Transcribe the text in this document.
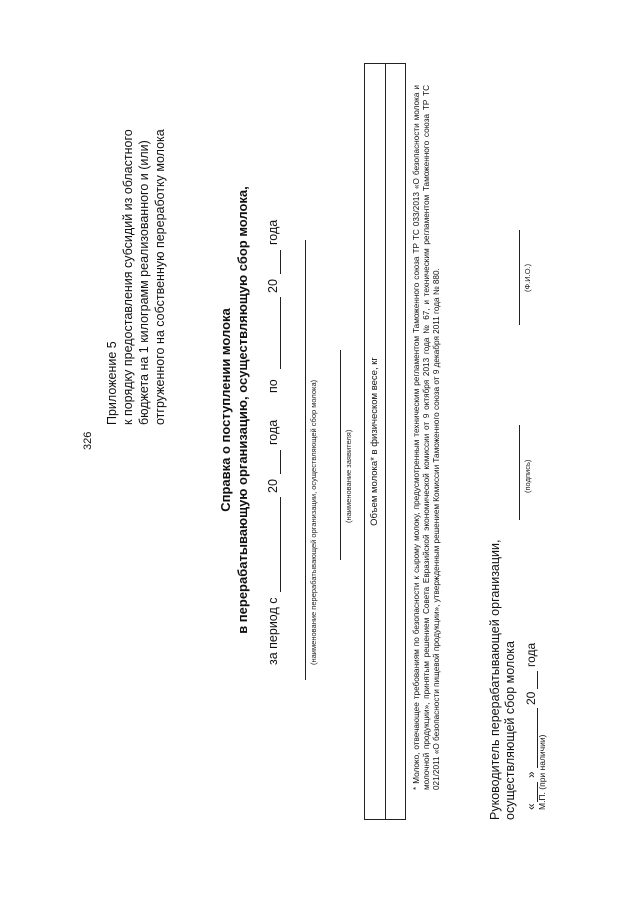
326
Приложение 5 к порядку предоставления субсидий из областного бюджета на 1 килограмм реализованного и (или) отгруженного на собственную переработку молока	Справка о поступлении молока в перерабатывающую организацию, осуществляющую сбор молока, за период с
20
года
по
20
года
(наименование перерабатывающей организации, осуществляющей сбор молока)	(наименование заявителя)	Объем молока* в физическом весе, кг	* Молоко, отвечающее требованиям по безопасности к сырому молоку, предусмотренным техническим регламентом Таможенного союза ТР ТС 033/2013 «О безопасности молока и молочной продукции», принятым решением Совета Евразийской экономической комиссии от 9 октября 2013 года № 67, и техническим регламентом Таможенного союза ТР ТС 021/2011 «О безопасности пищевой продукции», утвержденным решением Комиссии Таможенного союза от 9 декабря 2011 года № 880.	Руководитель перерабатывающей организации, осуществляющей сбор молока
(подпись)
(Ф.И.О.)
«
»
20
года
М.П. (при наличии)
